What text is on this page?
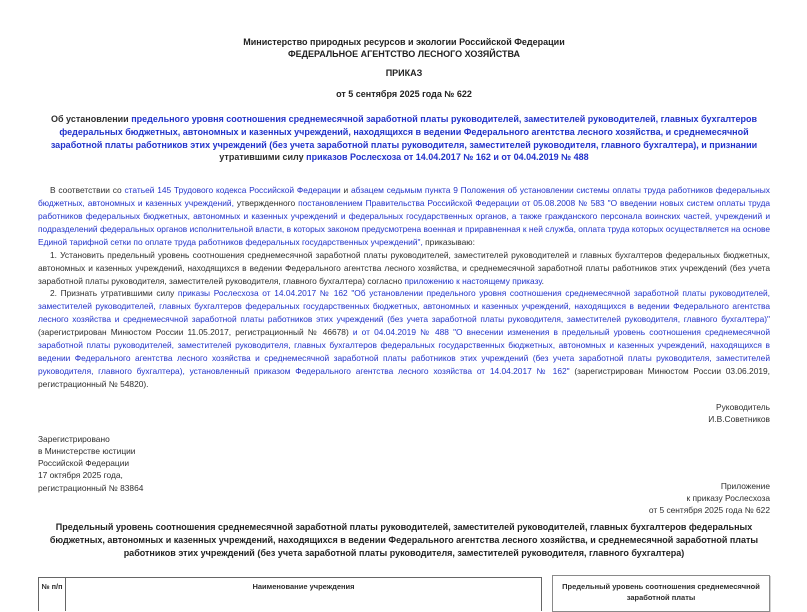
Министерство природных ресурсов и экологии Российской Федерации
ФЕДЕРАЛЬНОЕ АГЕНТСТВО ЛЕСНОГО ХОЗЯЙСТВА
ПРИКАЗ
от 5 сентября 2025 года № 622
Об установлении предельного уровня соотношения среднемесячной заработной платы руководителей, заместителей руководителей, главных бухгалтеров федеральных бюджетных, автономных и казенных учреждений, находящихся в ведении Федерального агентства лесного хозяйства, и среднемесячной заработной платы работников этих учреждений (без учета заработной платы руководителя, заместителей руководителя, главного бухгалтера), и признании утратившими силу приказов Рослесхоза от 14.04.2017 № 162 и от 04.04.2019 № 488

В соответствии со статьей 145 Трудового кодекса Российской Федерации и абзацем седьмым пункта 9 Положения об установлении системы оплаты труда работников федеральных бюджетных, автономных и казенных учреждений, утвержденного постановлением Правительства Российской Федерации от 05.08.2008 № 583 "О введении новых систем оплаты труда работников федеральных бюджетных, автономных и казенных учреждений и федеральных государственных органов, а также гражданского персонала воинских частей, учреждений и подразделений федеральных органов исполнительной власти, в которых законом предусмотрена военная и приравненная к ней служба, оплата труда которых осуществляется на основе Единой тарифной сетки по оплате труда работников федеральных государственных учреждений", приказываю:

1. Установить предельный уровень соотношения среднемесячной заработной платы руководителей, заместителей руководителей и главных бухгалтеров федеральных бюджетных, автономных и казенных учреждений, находящихся в ведении Федерального агентства лесного хозяйства, и среднемесячной заработной платы работников этих учреждений (без учета заработной платы руководителя, заместителей руководителя, главного бухгалтера) согласно приложению к настоящему приказу.

2. Признать утратившими силу приказы Рослесхоза от 14.04.2017 № 162 "Об установлении предельного уровня соотношения среднемесячной заработной платы руководителей, заместителей руководителей, главных бухгалтеров федеральных государственных бюджетных, автономных и казенных учреждений, находящихся в ведении Федерального агентства лесного хозяйства и среднемесячной заработной платы работников этих учреждений (без учета заработной платы руководителя, заместителей руководителя, главного бухгалтера)" (зарегистрирован Минюстом России 11.05.2017, регистрационный № 46678) и от 04.04.2019 № 488 "О внесении изменения в предельный уровень соотношения среднемесячной заработной платы руководителей, заместителей руководителя, главных бухгалтеров федеральных государственных бюджетных, автономных и казенных учреждений, находящихся в ведении Федерального агентства лесного хозяйства и среднемесячной заработной платы работников этих учреждений (без учета заработной платы руководителя, заместителей руководителя, главного бухгалтера), установленный приказом Федерального агентства лесного хозяйства от 14.04.2017 № 162" (зарегистрирован Минюстом России 03.06.2019, регистрационный № 54820).

Руководитель
И.В.Советников
Зарегистрировано
в Министерстве юстиции
Российской Федерации
17 октября 2025 года,
регистрационный № 83864	Приложение
к приказу Рослесхоза
от 5 сентября 2025 года № 622
Предельный уровень соотношения среднемесячной заработной платы руководителей, заместителей руководителей, главных бухгалтеров федеральных бюджетных, автономных и казенных учреждений, находящихся в ведении Федерального агентства лесного хозяйства, и среднемесячной заработной платы работников этих учреждений (без учета заработной платы руководителя, заместителей руководителя, главного бухгалтера)
№ п/п	Наименование учреждения	Предельный уровень соотношения среднемесячной заработной платы
